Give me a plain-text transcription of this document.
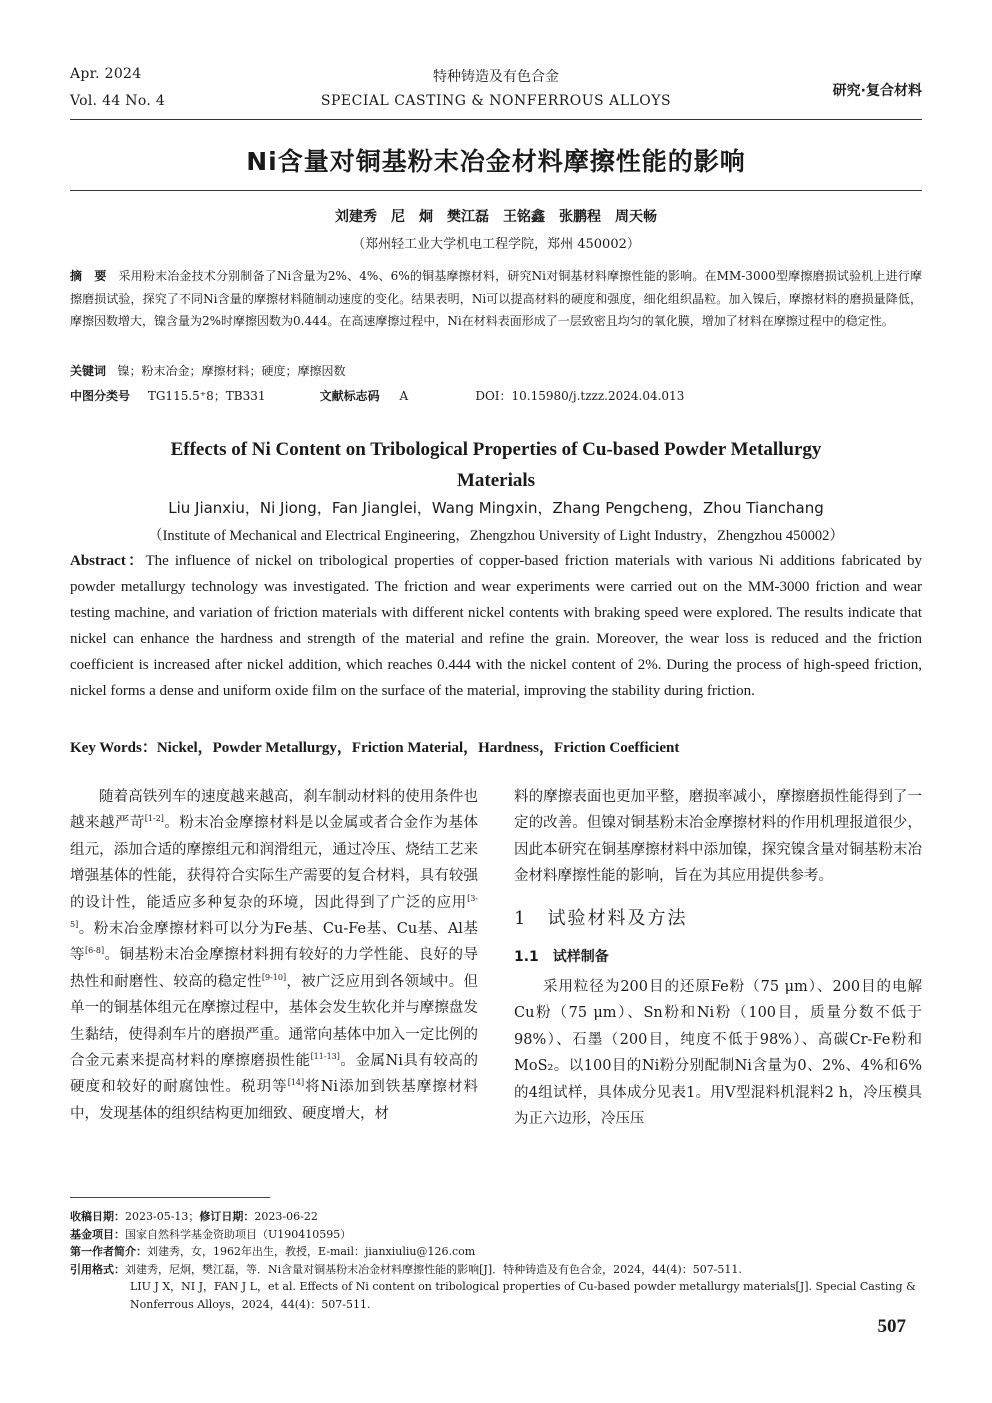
Apr. 2024
Vol. 44 No. 4
特种铸造及有色合金
SPECIAL CASTING & NONFERROUS ALLOYS
研究·复合材料
Ni含量对铜基粉末冶金材料摩擦性能的影响
刘建秀　尼　炯　樊江磊　王铭鑫　张鹏程　周天畅
（郑州轻工业大学机电工程学院，郑州 450002）
摘　要 采用粉末冶金技术分别制备了Ni含量为2%、4%、6%的铜基摩擦材料，研究Ni对铜基材料摩擦性能的影响。在MM-3000型摩擦磨损试验机上进行摩擦磨损试验，探究了不同Ni含量的摩擦材料随制动速度的变化。结果表明，Ni可以提高材料的硬度和强度，细化组织晶粒。加入镍后，摩擦材料的磨损量降低，摩擦因数增大，镍含量为2%时摩擦因数为0.444。在高速摩擦过程中，Ni在材料表面形成了一层致密且均匀的氧化膜，增加了材料在摩擦过程中的稳定性。
关键词 镍；粉末冶金；摩擦材料；硬度；摩擦因数
中图分类号 TG115.5⁺8；TB331	文献标志码 A	DOI：10.15980/j.tzzz.2024.04.013
Effects of Ni Content on Tribological Properties of Cu-based Powder Metallurgy
Materials
Liu Jianxiu，Ni Jiong，Fan Jianglei，Wang Mingxin，Zhang Pengcheng，Zhou Tianchang
（Institute of Mechanical and Electrical Engineering，Zhengzhou University of Light Industry，Zhengzhou 450002）
Abstract：The influence of nickel on tribological properties of copper-based friction materials with various Ni additions fabricated by powder metallurgy technology was investigated. The friction and wear experiments were carried out on the MM-3000 friction and wear testing machine, and variation of friction materials with different nickel contents with braking speed were explored. The results indicate that nickel can enhance the hardness and strength of the material and refine the grain. Moreover, the wear loss is reduced and the friction coefficient is increased after nickel addition, which reaches 0.444 with the nickel content of 2%. During the process of high-speed friction, nickel forms a dense and uniform oxide film on the surface of the material, improving the stability during friction.
Key Words：Nickel，Powder Metallurgy，Friction Material，Hardness，Friction Coefficient

随着高铁列车的速度越来越高，刹车制动材料的使用条件也越来越严苛[1-2]。粉末冶金摩擦材料是以金属或者合金作为基体组元，添加合适的摩擦组元和润滑组元，通过冷压、烧结工艺来增强基体的性能，获得符合实际生产需要的复合材料，具有较强的设计性，能适应多种复杂的环境，因此得到了广泛的应用[3-5]。粉末冶金摩擦材料可以分为Fe基、Cu-Fe基、Cu基、Al基等[6-8]。铜基粉末冶金摩擦材料拥有较好的力学性能、良好的导热性和耐磨性、较高的稳定性[9-10]，被广泛应用到各领域中。但单一的铜基体组元在摩擦过程中，基体会发生软化并与摩擦盘发生黏结，使得刹车片的磨损严重。通常向基体中加入一定比例的合金元素来提高材料的摩擦磨损性能[11-13]。金属Ni具有较高的硬度和较好的耐腐蚀性。税玥等[14]将Ni添加到铁基摩擦材料中，发现基体的组织结构更加细致、硬度增大，材

料的摩擦表面也更加平整，磨损率减小，摩擦磨损性能得到了一定的改善。但镍对铜基粉末冶金摩擦材料的作用机理报道很少，因此本研究在铜基摩擦材料中添加镍，探究镍含量对铜基粉末冶金材料摩擦性能的影响，旨在为其应用提供参考。

1　试验材料及方法
1.1　试样制备

采用粒径为200目的还原Fe粉（75 μm）、200目的电解Cu粉（75 μm）、Sn粉和Ni粉（100目，质量分数不低于98%）、石墨（200目，纯度不低于98%）、高碳Cr-Fe粉和MoS₂。以100目的Ni粉分别配制Ni含量为0、2%、4%和6%的4组试样，具体成分见表1。用V型混料机混料2 h，冷压模具为正六边形，冷压压

收稿日期：2023-05-13；修订日期：2023-06-22

基金项目：国家自然科学基金资助项目（U190410595）

第一作者简介：刘建秀，女，1962年出生，教授，E-mail：jianxiuliu@126.com

引用格式：刘建秀，尼炯，樊江磊，等．Ni含量对铜基粉末冶金材料摩擦性能的影响[J]．特种铸造及有色合金，2024，44(4)：507-511.

LIU J X，NI J，FAN J L，et al. Effects of Ni content on tribological properties of Cu-based powder metallurgy materials[J]. Special Casting &

Nonferrous Alloys，2024，44(4)：507-511.

507
